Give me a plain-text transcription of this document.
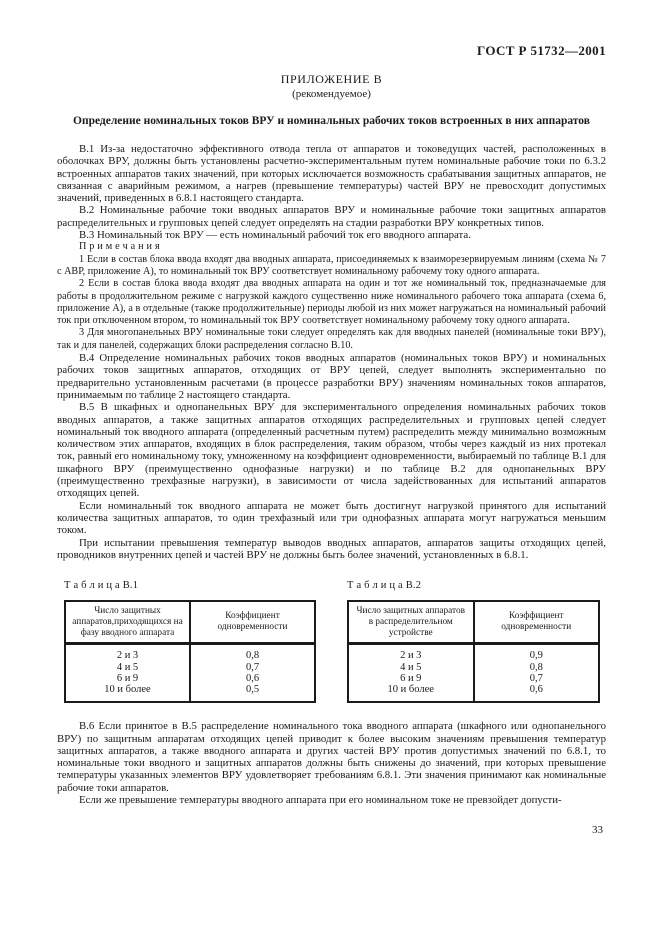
ГОСТ Р 51732—2001
ПРИЛОЖЕНИЕ В
(рекомендуемое)
Определение номинальных токов ВРУ и номинальных рабочих токов встроенных в них аппаратов

В.1 Из-за недостаточно эффективного отвода тепла от аппаратов и токоведущих частей, расположенных в оболочках ВРУ, должны быть установлены расчетно-экспериментальным путем номинальные рабочие токи по 6.3.2 встроенных аппаратов таких значений, при которых исключается возможность срабатывания защитных аппаратов, не связанная с аварийным режимом, а нагрев (превышение температуры) частей ВРУ не превосходит допустимых значений, приведенных в 6.8.1 настоящего стандарта.

В.2 Номинальные рабочие токи вводных аппаратов ВРУ и номинальные рабочие токи защитных аппаратов распределительных и групповых цепей следует определять на стадии разработки ВРУ конкретных типов.

В.3 Номинальный ток ВРУ — есть номинальный рабочий ток его вводного аппарата.

П р и м е ч а н и я

1 Если в состав блока ввода входят два вводных аппарата, присоединяемых к взаиморезервируемым линиям (схема № 7 с АВР, приложение А), то номинальный ток ВРУ соответствует номинальному рабочему току одного аппарата.

2 Если в состав блока ввода входят два вводных аппарата на один и тот же номинальный ток, предназначаемые для работы в продолжительном режиме с нагрузкой каждого существенно ниже номинального рабочего тока аппарата (схема 6, приложение А), а в отдельные (также продолжительные) периоды любой из них может нагружаться на номинальный рабочий ток при отключенном втором, то номинальный ток ВРУ соответствует номинальному рабочему току одного аппарата.

3 Для многопанельных ВРУ номинальные токи следует определять как для вводных панелей (номинальные токи ВРУ), так и для панелей, содержащих блоки распределения согласно В.10.

В.4 Определение номинальных рабочих токов вводных аппаратов (номинальных токов ВРУ) и номинальных рабочих токов защитных аппаратов, отходящих от ВРУ цепей, следует выполнять экспериментально по предварительно установленным расчетами (в процессе разработки ВРУ) значениям номинальных токов аппаратов, принимаемым по таблице 2 настоящего стандарта.

В.5 В шкафных и однопанельных ВРУ для экспериментального определения номинальных рабочих токов вводных аппаратов, а также защитных аппаратов отходящих распределительных и групповых цепей следует номинальный ток вводного аппарата (определенный расчетным путем) распределить между минимально возможным количеством этих аппаратов, входящих в блок распределения, таким образом, чтобы через каждый из них протекал ток, равный его номинальному току, умноженному на коэффициент одновременности, выбираемый по таблице В.1 для шкафного ВРУ (преимущественно однофазные нагрузки) и по таблице В.2 для однопанельных ВРУ (преимущественно трехфазные нагрузки), в зависимости от числа задействованных для испытаний аппаратов отходящих цепей.

Если номинальный ток вводного аппарата не может быть достигнут нагрузкой принятого для испытаний количества защитных аппаратов, то один трехфазный или три однофазных аппарата могут нагружаться меньшим током.

При испытании превышения температур выводов вводных аппаратов, аппаратов защиты отходящих цепей, проводников внутренних цепей и частей ВРУ не должны быть более значений, установленных в 6.8.1.

Т а б л и ц а В.1

Число защитных аппаратов,приходящихся на фазу вводного аппарата	Коэффициент одновременности
2 и 3	0,8
4 и 5	0,7
6 и 9	0,6
10 и более	0,5

Т а б л и ц а В.2

Число защитных аппаратов в распределительном устройстве	Коэффициент одновременности
2 и 3	0,9
4 и 5	0,8
6 и 9	0,7
10 и более	0,6

В.6 Если принятое в В.5 распределение номинального тока вводного аппарата (шкафного или однопанельного ВРУ) по защитным аппаратам отходящих цепей приводит к более высоким значениям превышения температур защитных аппаратов, а также вводного аппарата и других частей ВРУ против допустимых значений по 6.8.1, то номинальные токи вводного и защитных аппаратов должны быть снижены до значений, при которых превышение температуры указанных элементов ВРУ удовлетворяет требованиям 6.8.1. Эти значения принимают как номинальные рабочие токи аппаратов.

Если же превышение температуры вводного аппарата при его номинальном токе не превзойдет допусти-

33
